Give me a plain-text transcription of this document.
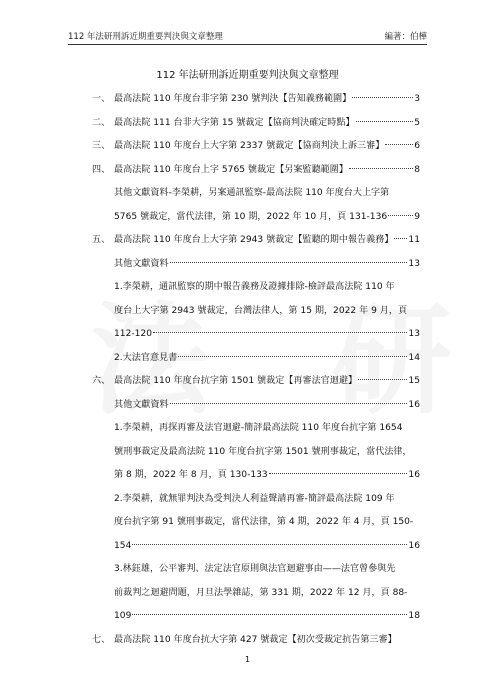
112 年法研刑訴近期重要判決與文章整理	編著：伯樺
112 年法研刑訴近期重要判決與文章整理
一、 最高法院 110 年度台非字第 230 號判決【告知義務範圍】	3
二、 最高法院 111 台非大字第 15 號裁定【協商判決確定時點】	5
三、 最高法院 110 年度台上大字第 2337 號裁定【協商判決上訴三審】	6
四、 最高法院 110 年度台上字 5765 號裁定【另案監聽範圍】	8
其他文獻資料-李榮耕，另案通訊監察-最高法院 110 年度台大上字第
5765 號裁定，當代法律，第 10 期，2022 年 10 月，頁 131-136	9
五、 最高法院 110 年度台上大字第 2943 號裁定【監聽的期中報告義務】 11
其他文獻資料	13
1.李榮耕，通訊監察的期中報告義務及證據排除-檢評最高法院 110 年
度台上大字第 2943 號裁定，台灣法律人，第 15 期，2022 年 9 月，頁
112-120	13
2.大法官意見書	14
六、 最高法院 110 年度台抗字第 1501 號裁定【再審法官迴避】	15
其他文獻資料	16
1.李榮耕，再探再審及法官迴避-簡評最高法院 110 年度台抗字第 1654
號刑事裁定及最高法院 110 年度台抗字第 1501 號刑事裁定，當代法律，
第 8 期，2022 年 8 月，頁 130-133	16
2.李榮耕，就無罪判決為受判決人利益聲請再審-簡評最高法院 109 年
度台抗字第 91 號刑事裁定，當代法律，第 4 期，2022 年 4 月，頁 150-
154	16
3.林鈺雄，公平審判、法定法官原則與法官迴避事由——法官曾參與先
前裁判之迴避問題，月旦法學雜誌，第 331 期，2022 年 12 月，頁 88-
109	18
七、 最高法院 110 年度台抗大字第 427 號裁定【初次受裁定抗告第三審】
1
